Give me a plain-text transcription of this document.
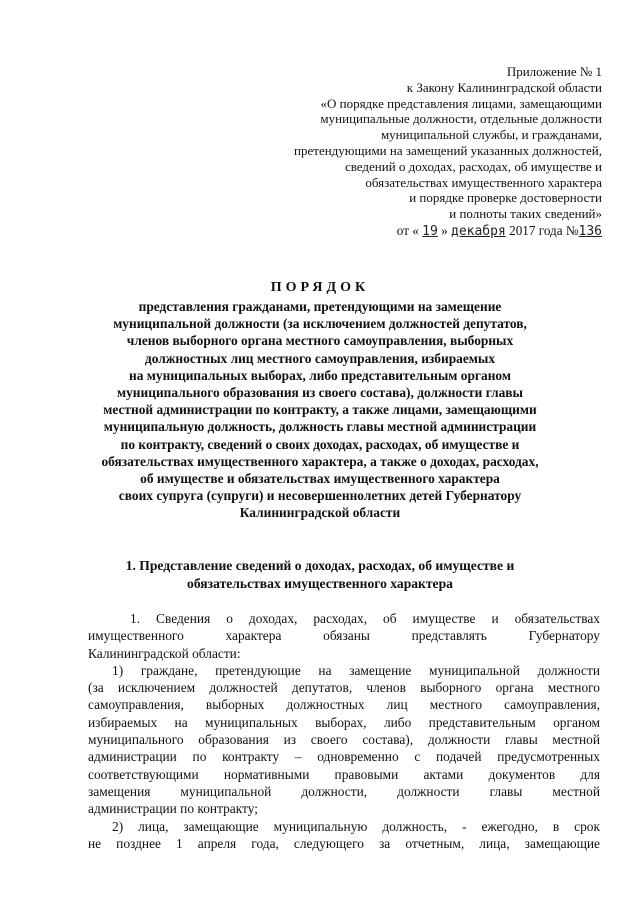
Приложение № 1
к Закону Калининградской области
«О порядке представления лицами, замещающими
муниципальные должности, отдельные должности
муниципальной службы, и гражданами,
претендующими на замещений указанных должностей,
сведений о доходах, расходах, об имуществе и
обязательствах имущественного характера
и порядке проверке достоверности
и полноты таких сведений»
от « 19 » декабря 2017 года №136
ПОРЯДОК
представления гражданами, претендующими на замещение
муниципальной должности (за исключением должностей депутатов,
членов выборного органа местного самоуправления, выборных
должностных лиц местного самоуправления, избираемых
на муниципальных выборах, либо представительным органом
муниципального образования из своего состава), должности главы
местной администрации по контракту, а также лицами, замещающими
муниципальную должность, должность главы местной администрации
по контракту, сведений о своих доходах, расходах, об имуществе и
обязательствах имущественного характера, а также о доходах, расходах,
об имуществе и обязательствах имущественного характера
своих супруга (супруги) и несовершеннолетних детей Губернатору
Калининградской области
1. Представление сведений о доходах, расходах, об имуществе и
обязательствах имущественного характера
1. Сведения о доходах, расходах, об имуществе и обязательствах
имущественного характера обязаны представлять Губернатору
Калининградской области:
1) граждане, претендующие на замещение муниципальной должности
(за исключением должностей депутатов, членов выборного органа местного
самоуправления, выборных должностных лиц местного самоуправления,
избираемых на муниципальных выборах, либо представительным органом
муниципального образования из своего состава), должности главы местной
администрации по контракту – одновременно с подачей предусмотренных
соответствующими нормативными правовыми актами документов для
замещения муниципальной должности, должности главы местной
администрации по контракту;
2) лица, замещающие муниципальную должность, - ежегодно, в срок
не позднее 1 апреля года, следующего за отчетным, лица, замещающие
